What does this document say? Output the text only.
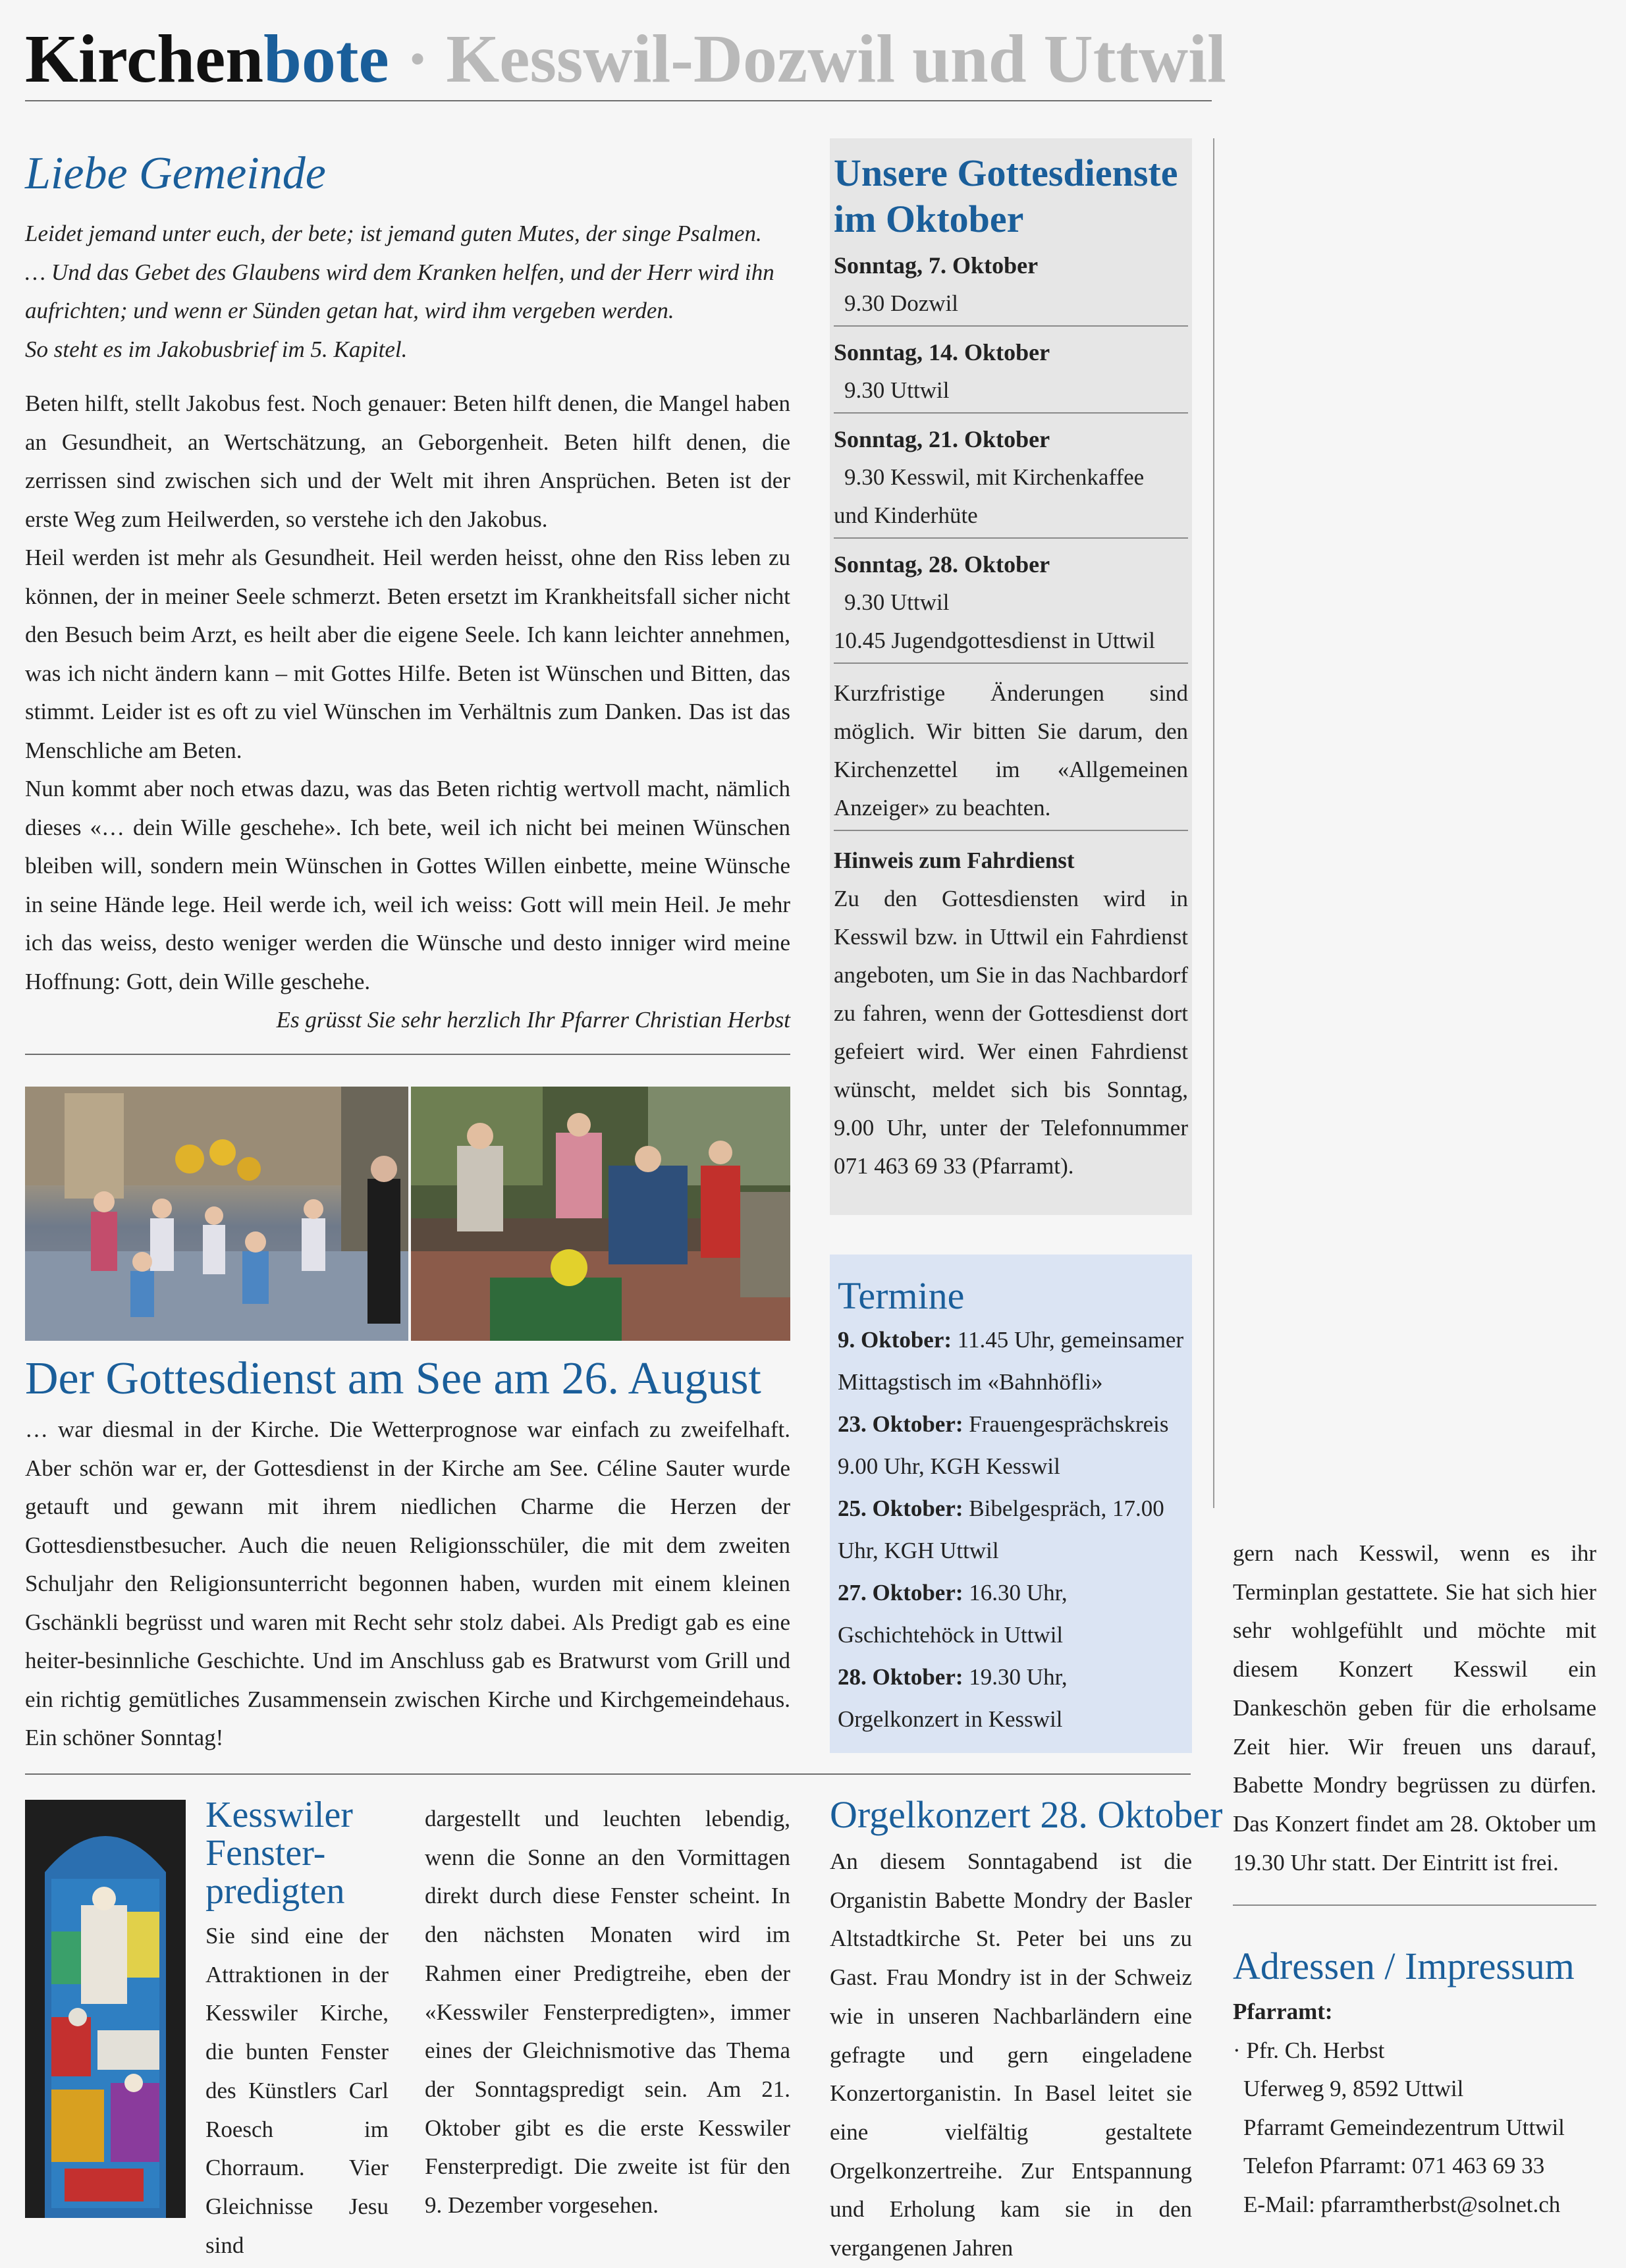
Kirchenbote · Kesswil-Dozwil und Uttwil
Liebe Gemeinde
Leidet jemand unter euch, der bete; ist jemand guten Mutes, der singe Psalmen.
… Und das Gebet des Glaubens wird dem Kranken helfen, und der Herr wird ihn
aufrichten; und wenn er Sünden getan hat, wird ihm vergeben werden.
So steht es im Jakobusbrief im 5. Kapitel.

Beten hilft, stellt Jakobus fest. Noch genauer: Beten hilft denen, die Mangel haben an Gesundheit, an Wertschätzung, an Geborgenheit. Beten hilft denen, die zerrissen sind zwischen sich und der Welt mit ihren Ansprüchen. Beten ist der erste Weg zum Heilwerden, so verstehe ich den Jakobus.

Heil werden ist mehr als Gesundheit. Heil werden heisst, ohne den Riss leben zu können, der in meiner Seele schmerzt. Beten ersetzt im Krankheitsfall sicher nicht den Besuch beim Arzt, es heilt aber die eigene Seele. Ich kann leichter annehmen, was ich nicht ändern kann – mit Gottes Hilfe. Beten ist Wünschen und Bitten, das stimmt. Leider ist es oft zu viel Wünschen im Verhältnis zum Danken. Das ist das Menschliche am Beten.

Nun kommt aber noch etwas dazu, was das Beten richtig wertvoll macht, nämlich dieses «… dein Wille geschehe». Ich bete, weil ich nicht bei meinen Wünschen bleiben will, sondern mein Wünschen in Gottes Willen einbette, meine Wünsche in seine Hände lege. Heil werde ich, weil ich weiss: Gott will mein Heil. Je mehr ich das weiss, desto weniger werden die Wünsche und desto inniger wird meine Hoffnung: Gott, dein Wille geschehe.

Es grüsst Sie sehr herzlich Ihr Pfarrer Christian Herbst

Der Gottesdienst am See am 26. August

… war diesmal in der Kirche. Die Wetterprognose war einfach zu zweifelhaft. Aber schön war er, der Gottesdienst in der Kirche am See. Céline Sauter wurde getauft und gewann mit ihrem niedlichen Charme die Herzen der Gottesdienstbesucher. Auch die neuen Religionsschüler, die mit dem zweiten Schuljahr den Religionsunterricht begonnen haben, wurden mit einem kleinen Gschänkli begrüsst und waren mit Recht sehr stolz dabei. Als Predigt gab es eine heiter-besinnliche Geschichte. Und im Anschluss gab es Bratwurst vom Grill und ein richtig gemütliches Zusammensein zwischen Kirche und Kirchgemeindehaus. Ein schöner Sonntag!

Unsere Gottesdienste
im Oktober
Sonntag, 7. Oktober
9.30 Dozwil
Sonntag, 14. Oktober
9.30 Uttwil
Sonntag, 21. Oktober
9.30 Kesswil, mit Kirchenkaffee
und Kinderhüte
Sonntag, 28. Oktober
9.30 Uttwil
10.45 Jugendgottesdienst in Uttwil

Kurzfristige Änderungen sind möglich. Wir bitten Sie darum, den Kirchenzettel im «Allgemeinen Anzeiger» zu beachten.

Hinweis zum Fahrdienst

Zu den Gottesdiensten wird in Kesswil bzw. in Uttwil ein Fahrdienst angeboten, um Sie in das Nachbardorf zu fahren, wenn der Gottesdienst dort gefeiert wird. Wer einen Fahrdienst wünscht, meldet sich bis Sonntag, 9.00 Uhr, unter der Telefonnummer 071 463 69 33 (Pfarramt).

Termine

9. Oktober: 11.45 Uhr, gemeinsamer Mittagstisch im «Bahnhöfli»

23. Oktober: Frauengesprächskreis 9.00 Uhr, KGH Kesswil

25. Oktober: Bibelgespräch, 17.00 Uhr, KGH Uttwil

27. Oktober: 16.30 Uhr, Gschichtehöck in Uttwil

28. Oktober: 19.30 Uhr, Orgelkonzert in Kesswil

Kesswiler
Fenster-
predigten

Sie sind eine der Attraktionen in der Kesswiler Kirche, die bunten Fenster des Künstlers Carl Roesch im Chorraum. Vier Gleichnisse Jesu sind

dargestellt und leuchten lebendig, wenn die Sonne an den Vormittagen direkt durch diese Fenster scheint. In den nächsten Monaten wird im Rahmen einer Predigtreihe, eben der «Kesswiler Fensterpredigten», immer eines der Gleichnismotive das Thema der Sonntagspredigt sein. Am 21. Oktober gibt es die erste Kesswiler Fensterpredigt. Die zweite ist für den 9. Dezember vorgesehen.
Orgelkonzert 28. Oktober

An diesem Sonntagabend ist die Organistin Babette Mondry der Basler Altstadtkirche St. Peter bei uns zu Gast. Frau Mondry ist in der Schweiz wie in unseren Nachbarländern eine gefragte und gern eingeladene Konzertorganistin. In Basel leitet sie eine vielfältig gestaltete Orgelkonzertreihe. Zur Entspannung und Erholung kam sie in den vergangenen Jahren

gern nach Kesswil, wenn es ihr Terminplan gestattete. Sie hat sich hier sehr wohlgefühlt und möchte mit diesem Konzert Kesswil ein Dankeschön geben für die erholsame Zeit hier. Wir freuen uns darauf, Babette Mondry begrüssen zu dürfen. Das Konzert findet am 28. Oktober um 19.30 Uhr statt. Der Eintritt ist frei.
Adressen / Impressum
Pfarramt:
· Pfr. Ch. Herbst
Uferweg 9, 8592 Uttwil
Pfarramt Gemeindezentrum Uttwil
Telefon Pfarramt: 071 463 69 33
E-Mail: pfarramtherbst@solnet.ch
